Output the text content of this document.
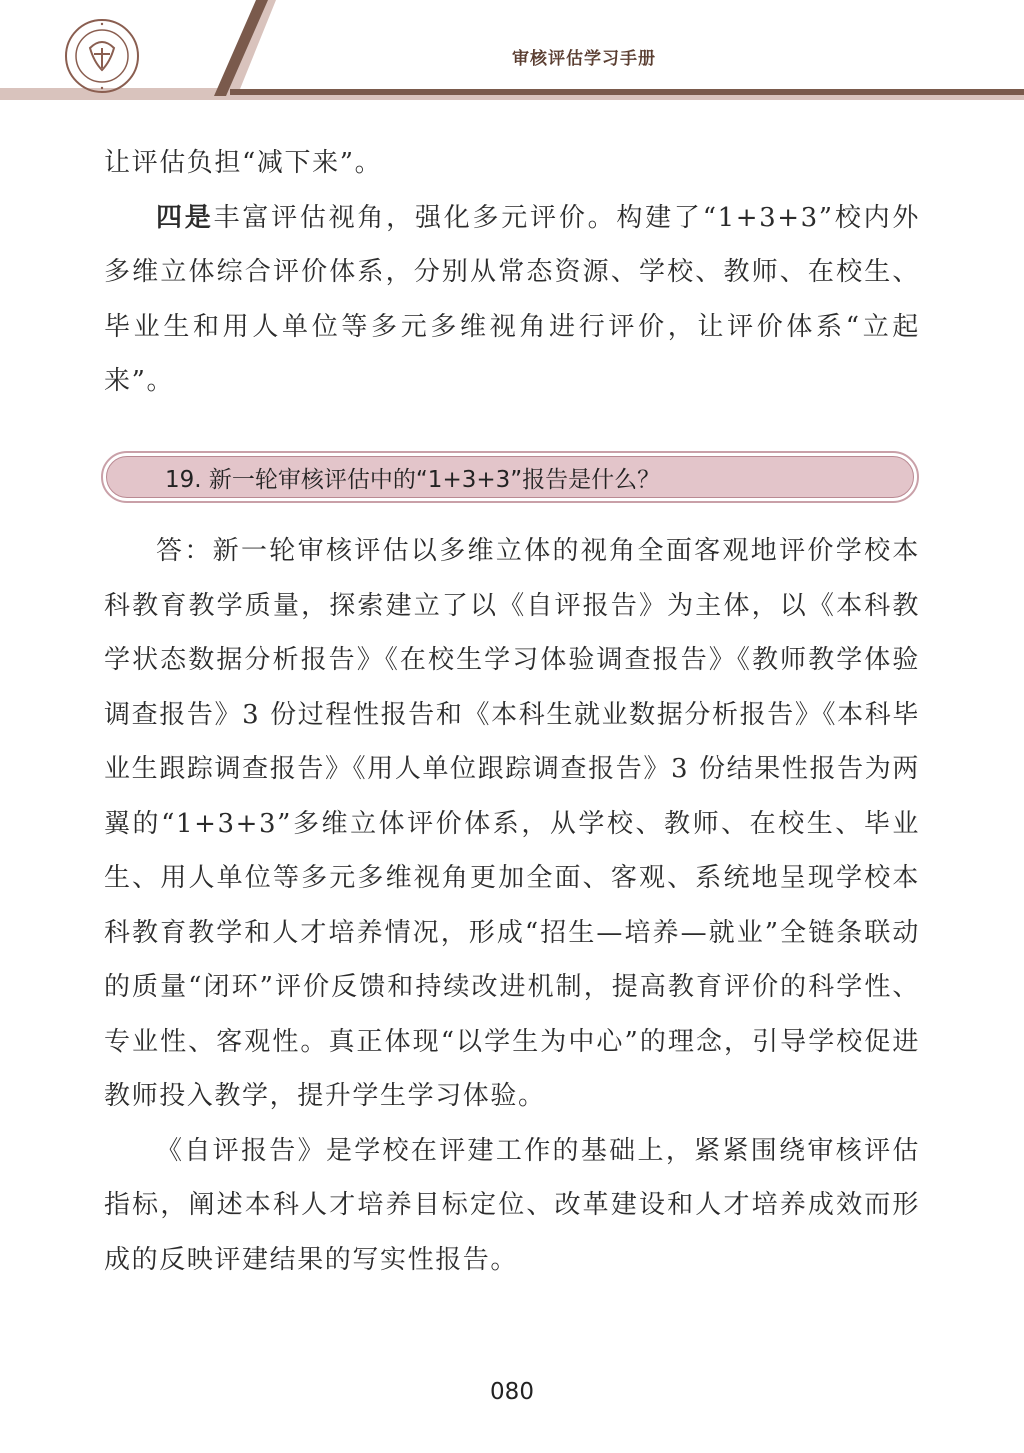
审核评估学习手册

让评估负担“减下来”。

四是丰富评估视角，强化多元评价。构建了“1+3+3”校内外多维立体综合评价体系，分别从常态资源、学校、教师、在校生、毕业生和用人单位等多元多维视角进行评价，让评价体系“立起来”。

19. 新一轮审核评估中的“1+3+3”报告是什么？

答：新一轮审核评估以多维立体的视角全面客观地评价学校本科教育教学质量，探索建立了以《自评报告》为主体，以《本科教学状态数据分析报告》《在校生学习体验调查报告》《教师教学体验调查报告》3 份过程性报告和《本科生就业数据分析报告》《本科毕业生跟踪调查报告》《用人单位跟踪调查报告》3 份结果性报告为两翼的“1+3+3”多维立体评价体系，从学校、教师、在校生、毕业生、用人单位等多元多维视角更加全面、客观、系统地呈现学校本科教育教学和人才培养情况，形成“招生—培养—就业”全链条联动的质量“闭环”评价反馈和持续改进机制，提高教育评价的科学性、专业性、客观性。真正体现“以学生为中心”的理念，引导学校促进教师投入教学，提升学生学习体验。

《自评报告》是学校在评建工作的基础上，紧紧围绕审核评估指标，阐述本科人才培养目标定位、改革建设和人才培养成效而形成的反映评建结果的写实性报告。

080
